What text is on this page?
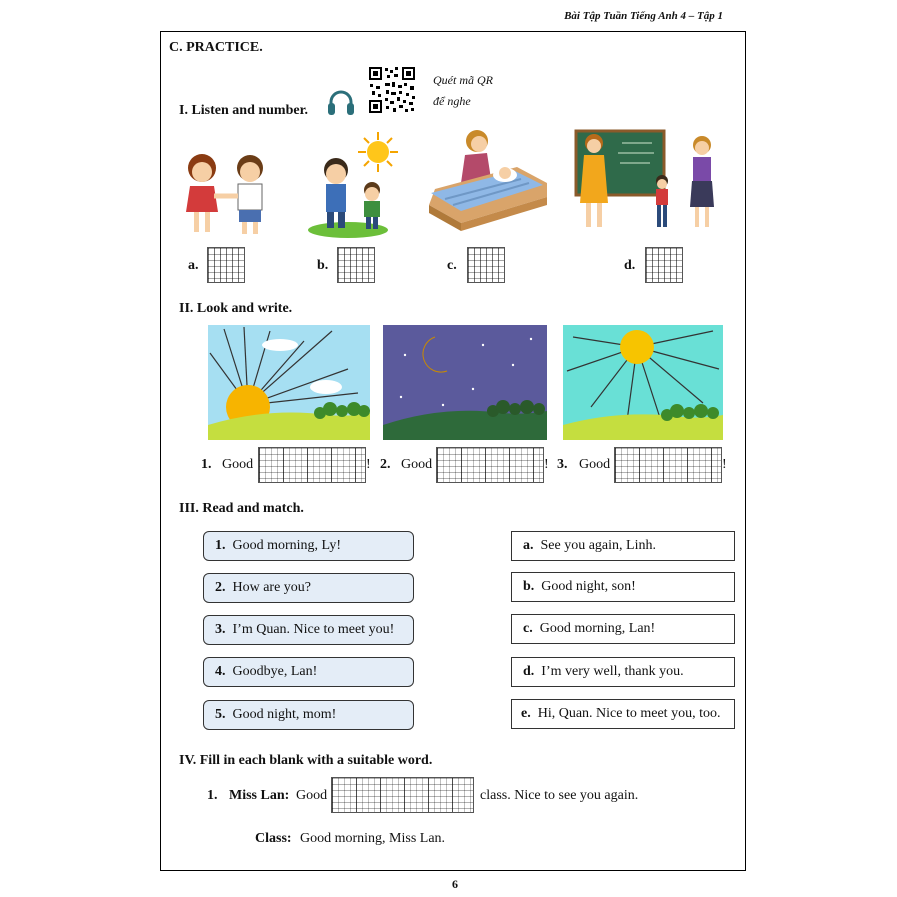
Bài Tập Tuần Tiếng Anh 4 – Tập 1
C. PRACTICE.
Quét mã QR
để nghe
I. Listen and number.
a.	b.	c.	d.
II. Look and write.
1. Good	! 2. Good	! 3. Good	!
III. Read and match.
1. Good morning, Ly!
2. How are you?
3. I’m Quan. Nice to meet you!
4. Goodbye, Lan!
5. Good night, mom!
a. See you again, Linh.
b. Good night, son!
c. Good morning, Lan!
d. I’m very well, thank you.
e. Hi, Quan. Nice to meet you, too.
IV. Fill in each blank with a suitable word.
1. Miss Lan: Good	class. Nice to see you again.
Class: Good morning, Miss Lan.
6
